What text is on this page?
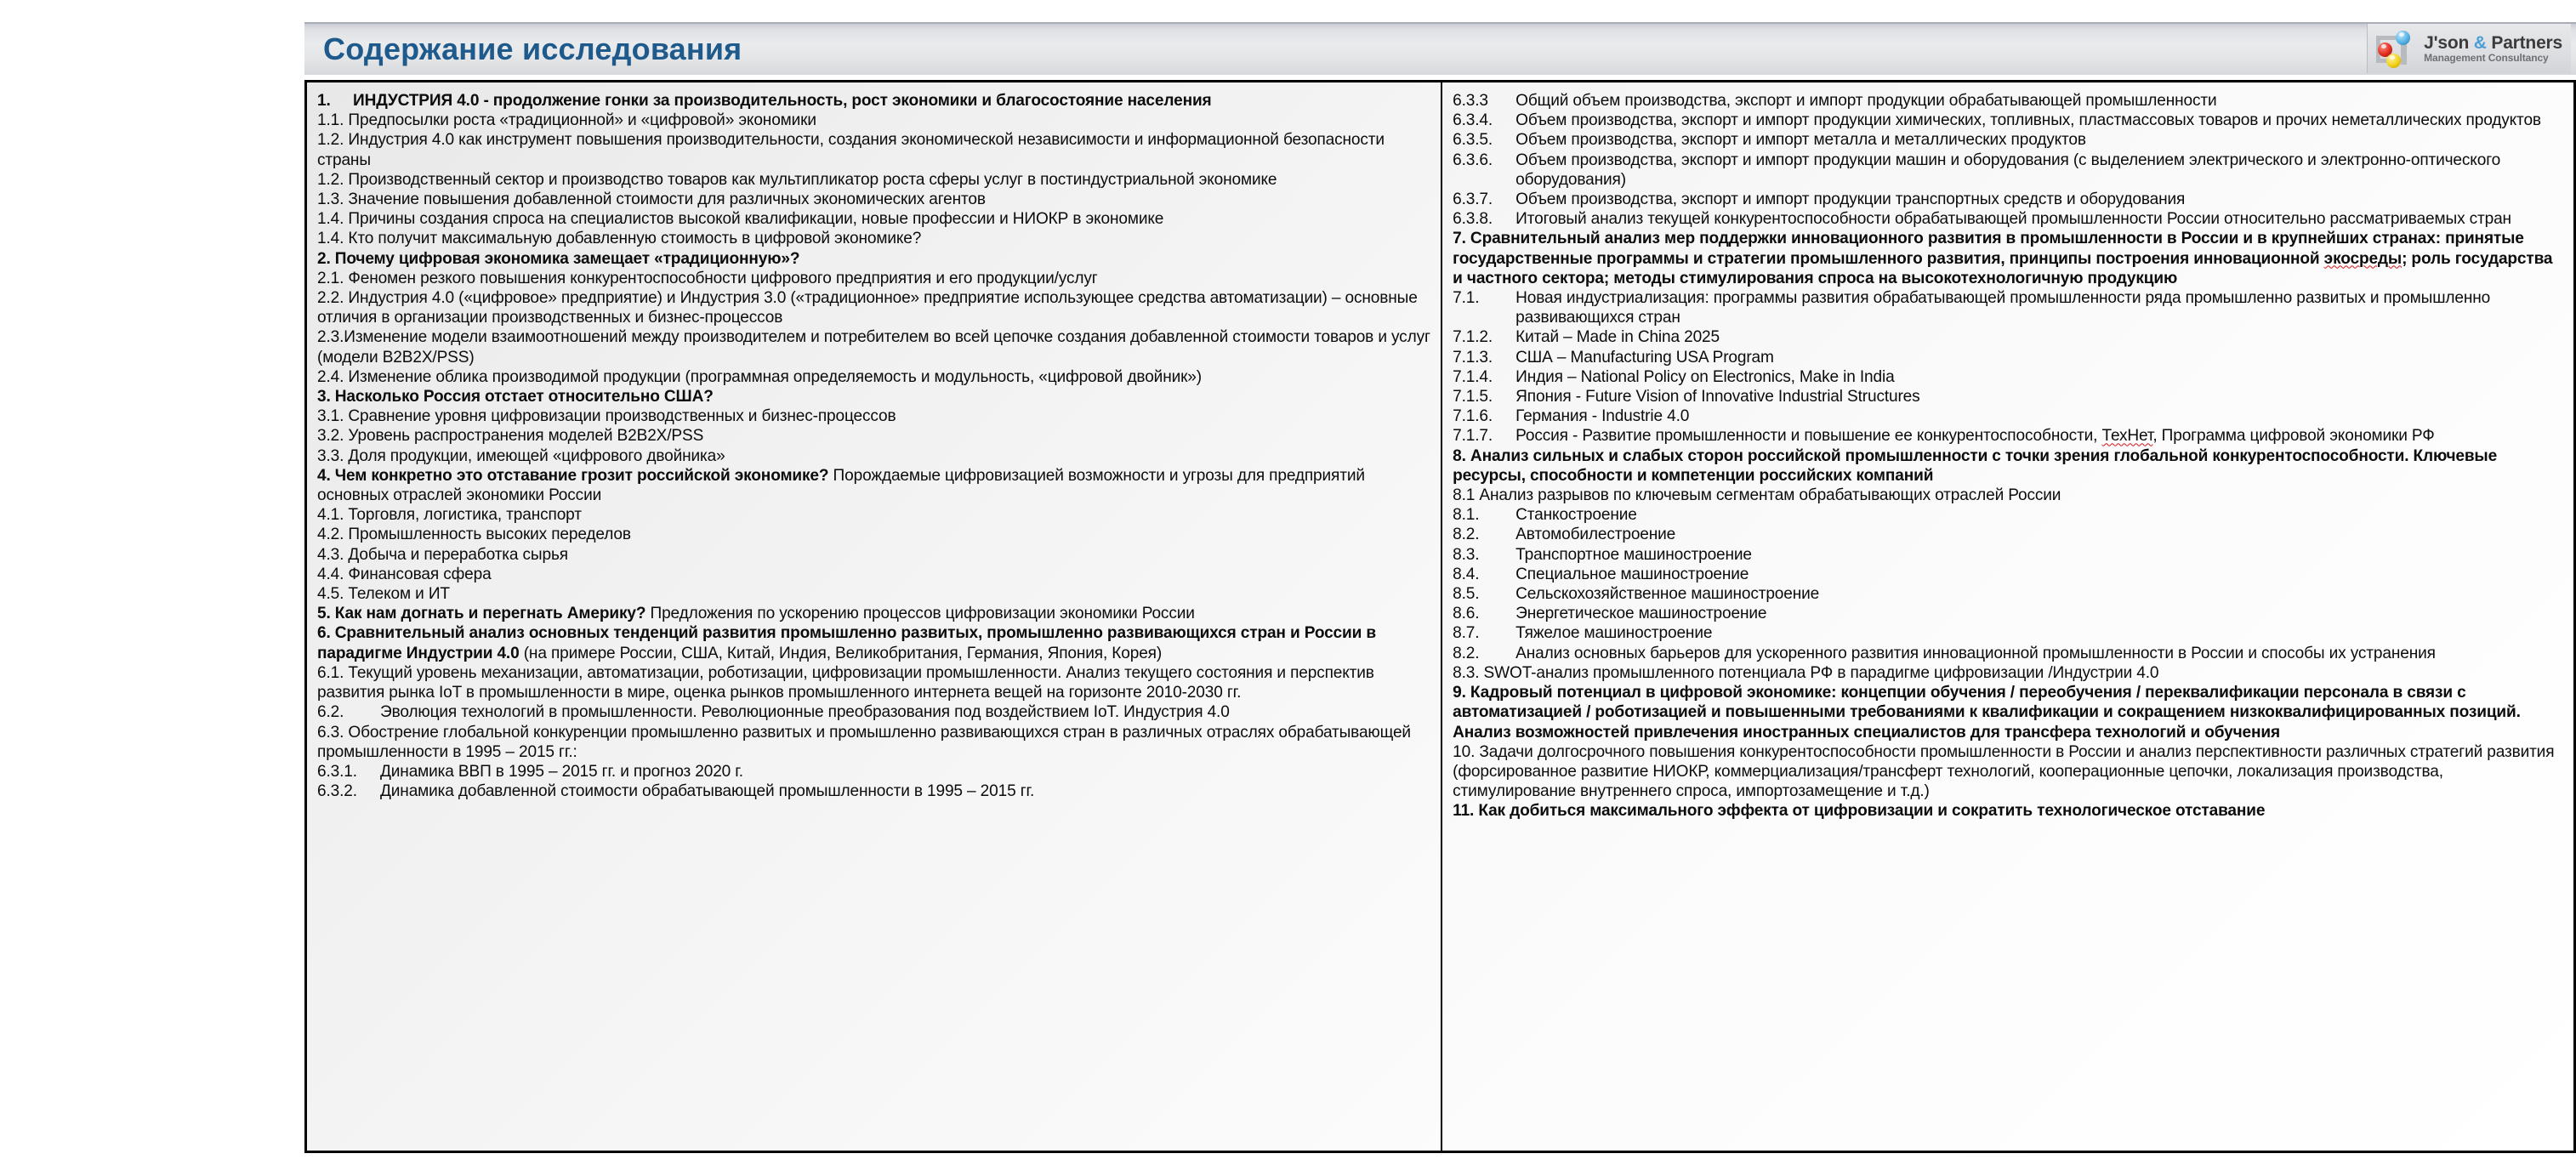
Содержание исследования	J'son & Partners
Management Consultancy
1.	ИНДУСТРИЯ 4.0 - продолжение гонки за производительность, рост экономики и благосостояние населения
1.1. Предпосылки роста «традиционной» и «цифровой» экономики
1.2. Индустрия 4.0 как инструмент повышения производительности, создания экономической независимости и информационной безопасности страны
1.2. Производственный сектор и производство товаров как мультипликатор роста сферы услуг в постиндустриальной экономике
1.3. Значение повышения добавленной стоимости для различных экономических агентов
1.4. Причины создания спроса на специалистов высокой квалификации, новые профессии и НИОКР в экономике
1.4. Кто получит максимальную добавленную стоимость в цифровой экономике?
2. Почему цифровая экономика замещает «традиционную»?
2.1. Феномен резкого повышения конкурентоспособности цифрового предприятия и его продукции/услуг
2.2. Индустрия 4.0 («цифровое» предприятие) и Индустрия 3.0 («традиционное» предприятие использующее средства автоматизации) – основные отличия в организации производственных и бизнес-процессов
2.3.Изменение модели взаимоотношений между производителем и потребителем во всей цепочке создания добавленной стоимости товаров и услуг (модели B2B2X/PSS)
2.4. Изменение облика производимой продукции (программная определяемость и модульность, «цифровой двойник»)
3. Насколько Россия отстает относительно США?
3.1. Сравнение уровня цифровизации производственных и бизнес-процессов
3.2. Уровень распространения моделей B2B2X/PSS
3.3. Доля продукции, имеющей «цифрового двойника»
4. Чем конкретно это отставание грозит российской экономике? Порождаемые цифровизацией возможности и угрозы для предприятий основных отраслей экономики России
4.1. Торговля, логистика, транспорт
4.2. Промышленность высоких переделов
4.3. Добыча и переработка сырья
4.4. Финансовая сфера
4.5. Телеком и ИТ
5. Как нам догнать и перегнать Америку? Предложения по ускорению процессов цифровизации экономики России
6. Сравнительный анализ основных тенденций развития промышленно развитых, промышленно развивающихся стран и России в парадигме Индустрии 4.0 (на примере России, США, Китай, Индия, Великобритания, Германия, Япония, Корея)
6.1. Текущий уровень механизации, автоматизации, роботизации, цифровизации промышленности. Анализ текущего состояния и перспектив развития рынка IoT в промышленности в мире, оценка рынков промышленного интернета вещей на горизонте 2010-2030 гг.
6.2.	Эволюция технологий в промышленности. Революционные преобразования под воздействием IoT. Индустрия 4.0
6.3. Обострение глобальной конкуренции промышленно развитых и промышленно развивающихся стран в различных отраслях обрабатывающей промышленности в 1995 – 2015 гг.:
6.3.1.	Динамика ВВП в 1995 – 2015 гг. и прогноз 2020 г.
6.3.2.	Динамика добавленной стоимости обрабатывающей промышленности в 1995 – 2015 гг.
6.3.3	Общий объем производства, экспорт и импорт продукции обрабатывающей промышленности
6.3.4.	Объем производства, экспорт и импорт продукции химических, топливных, пластмассовых товаров и прочих неметаллических продуктов
6.3.5.	Объем производства, экспорт и импорт металла и металлических продуктов
6.3.6.	Объем производства, экспорт и импорт продукции машин и оборудования (с выделением электрического и электронно-оптического оборудования)
6.3.7.	Объем производства, экспорт и импорт продукции транспортных средств и оборудования
6.3.8.	Итоговый анализ текущей конкурентоспособности обрабатывающей промышленности России относительно рассматриваемых стран
7. Сравнительный анализ мер поддержки инновационного развития в промышленности в России и в крупнейших странах: принятые государственные программы и стратегии промышленного развития, принципы построения инновационной экосреды; роль государства и частного сектора; методы стимулирования спроса на высокотехнологичную продукцию
7.1.	Новая индустриализация: программы развития обрабатывающей промышленности ряда промышленно развитых и промышленно развивающихся стран
7.1.2.	Китай – Made in China 2025
7.1.3.	США – Manufacturing USA Program
7.1.4.	Индия – National Policy on Electronics, Make in India
7.1.5.	Япония - Future Vision of Innovative Industrial Structures
7.1.6.	Германия - Industrie 4.0
7.1.7.	Россия - Развитие промышленности и повышение ее конкурентоспособности, ТехНет, Программа цифровой экономики РФ
8. Анализ сильных и слабых сторон российской промышленности с точки зрения глобальной конкурентоспособности. Ключевые ресурсы, способности и компетенции российских компаний
8.1 Анализ разрывов по ключевым сегментам обрабатывающих отраслей России
8.1.	Станкостроение
8.2.	Автомобилестроение
8.3.	Транспортное машиностроение
8.4.	Специальное машиностроение
8.5.	Сельскохозяйственное машиностроение
8.6.	Энергетическое машиностроение
8.7.	Тяжелое машиностроение
8.2.	Анализ основных барьеров для ускоренного развития инновационной промышленности в России и способы их устранения
8.3. SWOT-анализ промышленного потенциала РФ в парадигме цифровизации /Индустрии 4.0
9. Кадровый потенциал в цифровой экономике: концепции обучения / переобучения / переквалификации персонала в связи с автоматизацией / роботизацией и повышенными требованиями к квалификации и сокращением низкоквалифицированных позиций. Анализ возможностей привлечения иностранных специалистов для трансфера технологий и обучения
10. Задачи долгосрочного повышения конкурентоспособности промышленности в России и анализ перспективности различных стратегий развития (форсированное развитие НИОКР, коммерциализация/трансферт технологий, кооперационные цепочки, локализация производства, стимулирование внутреннего спроса, импортозамещение и т.д.)
11. Как добиться максимального эффекта от цифровизации и сократить технологическое отставание
